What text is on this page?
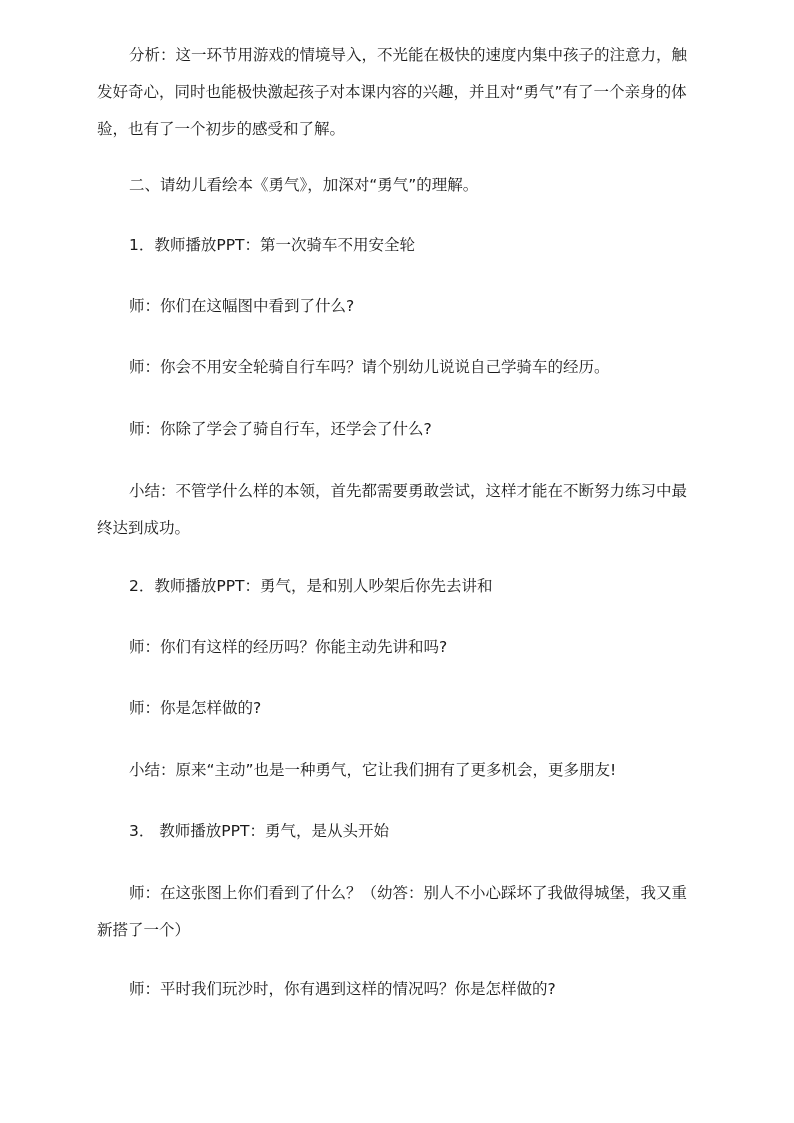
分析：这一环节用游戏的情境导入，不光能在极快的速度内集中孩子的注意力，触发好奇心，同时也能极快激起孩子对本课内容的兴趣，并且对“勇气”有了一个亲身的体验，也有了一个初步的感受和了解。

二、请幼儿看绘本《勇气》，加深对“勇气”的理解。

1．教师播放PPT：第一次骑车不用安全轮

师：你们在这幅图中看到了什么?

师：你会不用安全轮骑自行车吗？请个别幼儿说说自己学骑车的经历。

师：你除了学会了骑自行车，还学会了什么?

小结：不管学什么样的本领，首先都需要勇敢尝试，这样才能在不断努力练习中最终达到成功。

2．教师播放PPT：勇气，是和别人吵架后你先去讲和

师：你们有这样的经历吗？你能主动先讲和吗?

师：你是怎样做的?

小结：原来“主动”也是一种勇气，它让我们拥有了更多机会，更多朋友!

3． 教师播放PPT：勇气，是从头开始

师：在这张图上你们看到了什么？（幼答：别人不小心踩坏了我做得城堡，我又重新搭了一个）

师：平时我们玩沙时，你有遇到这样的情况吗？你是怎样做的?
